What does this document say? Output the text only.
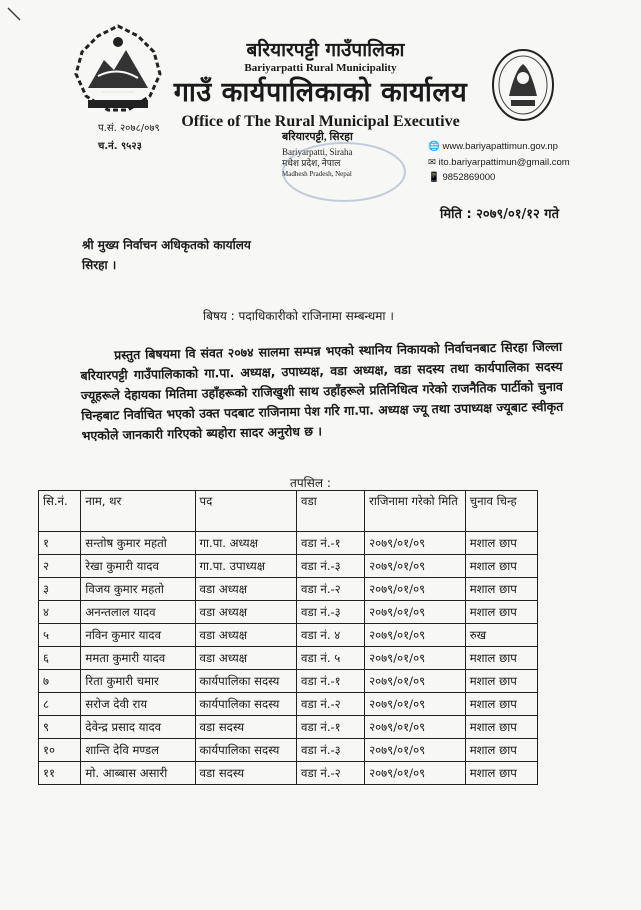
बरियारपट्टी गाउँपालिका
Bariyarpatti Rural Municipality
गाउँ कार्यपालिकाको कार्यालय
Office of The Rural Municipal Executive
प.सं. २०७८/०७९
च.नं. ९५२३
बरियारपट्टी, सिरहा
Bariyarpatti, Siraha
मधेश प्रदेश, नेपाल
Madhesh Pradesh, Nepal
🌐 www.bariyapattimun.gov.np
✉ ito.bariyarpattimun@gmail.com
📱 9852869000
मिति : २०७९/०१/१२ गते
श्री मुख्य निर्वाचन अधिकृतको कार्यालय
सिरहा ।
बिषय : पदाधिकारीको राजिनामा सम्बन्धमा ।
प्रस्तुत बिषयमा वि संवत २०७४ सालमा सम्पन्न भएको स्थानिय निकायको निर्वाचनबाट सिरहा जिल्ला बरियारपट्टी गाउँपालिकाको गा.पा. अध्यक्ष, उपाध्यक्ष, वडा अध्यक्ष, वडा सदस्य तथा कार्यपालिका सदस्य ज्यूहरूले देहायका मितिमा उहाँहरूको राजिखुशी साथ उहाँहरूले प्रतिनिधित्व गरेको राजनैतिक पार्टीको चुनाव चिन्हबाट निर्वाचित भएको उक्त पदबाट राजिनामा पेश गरि गा.पा. अध्यक्ष ज्यू तथा उपाध्यक्ष ज्यूबाट स्वीकृत भएकोले जानकारी गरिएको ब्यहोरा सादर अनुरोध छ ।
तपसिल :
सि.नं.	नाम, थर	पद	वडा	राजिनामा गरेको मिति	चुनाव चिन्ह
१	सन्तोष कुमार महतो	गा.पा. अध्यक्ष	वडा नं.-१	२०७९/०१/०९	मशाल छाप
२	रेखा कुमारी यादव	गा.पा. उपाध्यक्ष	वडा नं.-३	२०७९/०१/०९	मशाल छाप
३	विजय कुमार महतो	वडा अध्यक्ष	वडा नं.-२	२०७९/०१/०९	मशाल छाप
४	अनन्तलाल यादव	वडा अध्यक्ष	वडा नं.-३	२०७९/०१/०९	मशाल छाप
५	नविन कुमार यादव	वडा अध्यक्ष	वडा नं. ४	२०७९/०१/०९	रुख
६	ममता कुमारी यादव	वडा अध्यक्ष	वडा नं. ५	२०७९/०१/०९	मशाल छाप
७	रिता कुमारी चमार	कार्यपालिका सदस्य	वडा नं.-१	२०७९/०१/०९	मशाल छाप
८	सरोज देवी राय	कार्यपालिका सदस्य	वडा नं.-२	२०७९/०१/०९	मशाल छाप
९	देवेन्द्र प्रसाद यादव	वडा सदस्य	वडा नं.-१	२०७९/०१/०९	मशाल छाप
१०	शान्ति देवि मण्डल	कार्यपालिका सदस्य	वडा नं.-३	२०७९/०१/०९	मशाल छाप
११	मो. आब्बास असारी	वडा सदस्य	वडा नं.-२	२०७९/०१/०९	मशाल छाप
